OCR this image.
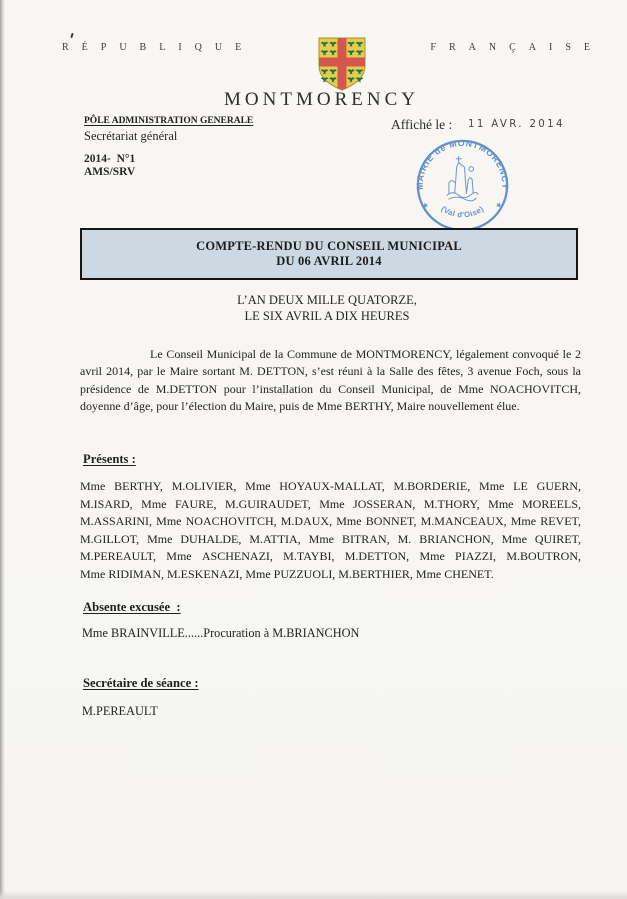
RÉPUBLIQUE	FRANÇAISE
MONTMORENCY
PÔLE ADMINISTRATION GENERALE
Secrétariat général
2014-  N°1
AMS/SRV
Affiché le : 11 AVR. 2014
MAIRIE de MONTMORENCY
(Val d'Oise)
★	★
COMPTE-RENDU DU CONSEIL MUNICIPAL
DU 06 AVRIL 2014
L’AN DEUX MILLE QUATORZE,
LE SIX AVRIL A DIX HEURES
Le Conseil Municipal de la Commune de MONTMORENCY, légalement convoqué le 2 avril 2014, par le Maire sortant M. DETTON, s’est réuni à la Salle des fêtes, 3 avenue Foch, sous la présidence de M.DETTON pour l’installation du Conseil Municipal, de Mme NOACHOVITCH, doyenne d’âge, pour l’élection du Maire, puis de Mme BERTHY, Maire nouvellement élue.
Présents :
Mme BERTHY, M.OLIVIER, Mme HOYAUX-MALLAT, M.BORDERIE, Mme LE GUERN, M.ISARD, Mme FAURE, M.GUIRAUDET, Mme JOSSERAN, M.THORY, Mme MOREELS, M.ASSARINI, Mme NOACHOVITCH, M.DAUX, Mme BONNET, M.MANCEAUX, Mme REVET, M.GILLOT, Mme DUHALDE, M.ATTIA, Mme BITRAN, M. BRIANCHON, Mme QUIRET, M.PEREAULT, Mme ASCHENAZI, M.TAYBI, M.DETTON, Mme PIAZZI, M.BOUTRON, Mme RIDIMAN, M.ESKENAZI, Mme PUZZUOLI, M.BERTHIER, Mme CHENET.
Absente excusée  :
Mme BRAINVILLE......Procuration à M.BRIANCHON
Secrétaire de séance :
M.PEREAULT
